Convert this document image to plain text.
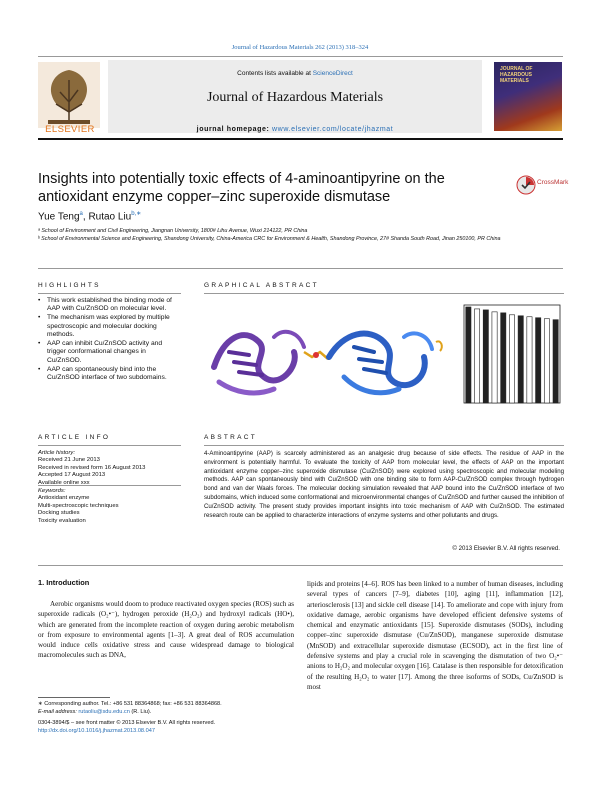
Journal of Hazardous Materials 262 (2013) 318–324
ELSEVIER
Contents lists available at ScienceDirect
Journal of Hazardous Materials
journal homepage: www.elsevier.com/locate/jhazmat
JOURNAL OF HAZARDOUS MATERIALS
Insights into potentially toxic effects of 4-aminoantipyrine on the antioxidant enzyme copper–zinc superoxide dismutase
CrossMark
Yue Teng$^a$, Rutao Liu$^{b,∗}$
ᵃ School of Environment and Civil Engineering, Jiangnan University, 1800# Lihu Avenue, Wuxi 214122, PR China
ᵇ School of Environmental Science and Engineering, Shandong University, China-America CRC for Environment & Health, Shandong Province, 27# Shanda South Road, Jinan 250100, PR China
HIGHLIGHTS
• This work established the binding mode of AAP with Cu/ZnSOD on molecular level.
• The mechanism was explored by multiple spectroscopic and molecular docking methods.
• AAP can inhibit Cu/ZnSOD activity and trigger conformational changes in Cu/ZnSOD.
• AAP can spontaneously bind into the Cu/ZnSOD interface of two subdomains.
GRAPHICAL ABSTRACT
ARTICLE INFO
Article history:
Received 21 June 2013
Received in revised form 16 August 2013
Accepted 17 August 2013
Available online xxx
Keywords:
Antioxidant enzyme
Multi-spectroscopic techniques
Docking studies
Toxicity evaluation
ABSTRACT
4-Aminoantipyrine (AAP) is scarcely administered as an analgesic drug because of side effects. The residue of AAP in the environment is potentially harmful. To evaluate the toxicity of AAP from molecular level, the effects of AAP on the important antioxidant enzyme copper–zinc superoxide dismutase (Cu/ZnSOD) were explored using spectroscopic and molecular modeling methods. AAP can spontaneously bind with Cu/ZnSOD with one binding site to form AAP-Cu/ZnSOD complex through hydrogen bond and van der Waals forces. The molecular docking simulation revealed that AAP bound into the Cu/ZnSOD interface of two subdomains, which induced some conformational and microenvironmental changes of Cu/ZnSOD and further caused the inhibition of Cu/ZnSOD activity. The present study provides important insights into toxic mechanism of AAP with Cu/ZnSOD. The estimated research route can be applied to characterize interactions of enzyme systems and other pollutants and drugs.
© 2013 Elsevier B.V. All rights reserved.
1. Introduction
Aerobic organisms would doom to produce reactivated oxygen species (ROS) such as superoxide radicals (O₂•⁻), hydrogen peroxide (H₂O₂) and hydroxyl radicals (HO•), which are generated from the incomplete reaction of oxygen during aerobic metabolism or from exposure to environmental agents [1–3]. A great deal of ROS accumulation would induce cells oxidative stress and cause widespread damage to biological macromolecules such as DNA,
lipids and proteins [4–6]. ROS has been linked to a number of human diseases, including several types of cancers [7–9], diabetes [10], aging [11], inflammation [12], arteriosclerosis [13] and sickle cell disease [14]. To ameliorate and cope with injury from oxidative damage, aerobic organisms have developed efficient defensive systems of chemical and enzymatic antioxidants [15]. Superoxide dismutases (SODs), including copper–zinc superoxide dismutase (Cu/ZnSOD), manganese superoxide dismutase (MnSOD) and extracellular superoxide dismutase (ECSOD), act in the first line of defensive systems and play a crucial role in scavenging the dismutation of two O₂•⁻ anions to H₂O₂ and molecular oxygen [16]. Catalase is then responsible for detoxification of the resulting H₂O₂ to water [17]. Among the three isoforms of SODs, Cu/ZnSOD is most
∗ Corresponding author. Tel.: +86 531 88364868; fax: +86 531 88364868.
E-mail address: rutaoliu@sdu.edu.cn (R. Liu).
0304-3894/$ – see front matter © 2013 Elsevier B.V. All rights reserved.
http://dx.doi.org/10.1016/j.jhazmat.2013.08.047
